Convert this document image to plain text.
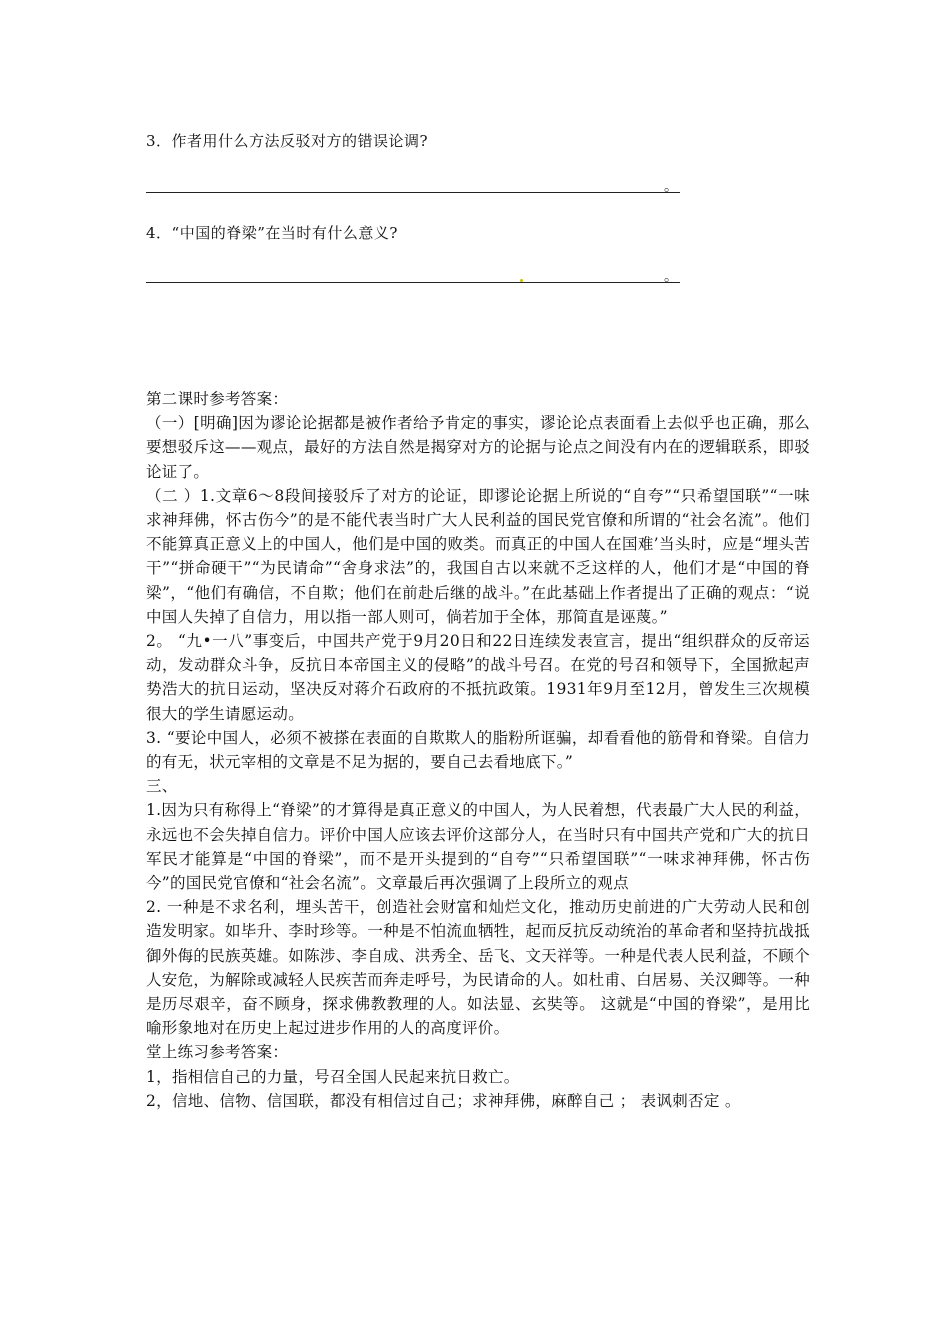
3．作者用什么方法反驳对方的错误论调?
。
4．“中国的脊梁”在当时有什么意义?
。

第二课时参考答案：

（一）[明确]因为谬论论据都是被作者给予肯定的事实，谬论论点表面看上去似乎也正确，那么要想驳斥这——观点，最好的方法自然是揭穿对方的论据与论点之间没有内在的逻辑联系，即驳论证了。

（二 ）1.文章6～8段间接驳斥了对方的论证，即谬论论据上所说的“自夸”“只希望国联”“一味求神拜佛，怀古伤今”的是不能代表当时广大人民利益的国民党官僚和所谓的“社会名流”。他们不能算真正意义上的中国人，他们是中国的败类。而真正的中国人在国难’当头时，应是“埋头苦干”“拼命硬干”“为民请命”“舍身求法”的，我国自古以来就不乏这样的人，他们才是“中国的脊梁”，“他们有确信，不自欺；他们在前赴后继的战斗。”在此基础上作者提出了正确的观点：“说中国人失掉了自信力，用以指一部人则可，倘若加于全体，那简直是诬蔑。”

2。 “九•一八”事变后，中国共产党于9月20日和22日连续发表宣言，提出“组织群众的反帝运动，发动群众斗争，反抗日本帝国主义的侵略”的战斗号召。在党的号召和领导下，全国掀起声势浩大的抗日运动，坚决反对蒋介石政府的不抵抗政策。1931年9月至12月，曾发生三次规模很大的学生请愿运动。

3. “要论中国人，必须不被搽在表面的自欺欺人的脂粉所诓骗，却看看他的筋骨和脊梁。自信力的有无，状元宰相的文章是不足为据的，要自己去看地底下。”

三、

1.因为只有称得上“脊梁”的才算得是真正意义的中国人，为人民着想，代表最广大人民的利益，永远也不会失掉自信力。评价中国人应该去评价这部分人，在当时只有中国共产党和广大的抗日军民才能算是“中国的脊梁”，而不是开头提到的“自夸”“只希望国联”“一味求神拜佛，怀古伤今”的国民党官僚和“社会名流”。文章最后再次强调了上段所立的观点

2. 一种是不求名利，埋头苦干，创造社会财富和灿烂文化，推动历史前进的广大劳动人民和创造发明家。如毕升、李时珍等。一种是不怕流血牺牲，起而反抗反动统治的革命者和坚持抗战抵御外侮的民族英雄。如陈涉、李自成、洪秀全、岳飞、文天祥等。一种是代表人民利益，不顾个人安危，为解除或减轻人民疾苦而奔走呼号，为民请命的人。如杜甫、白居易、关汉卿等。一种是历尽艰辛，奋不顾身，探求佛教教理的人。如法显、玄奘等。 这就是“中国的脊梁”，是用比喻形象地对在历史上起过进步作用的人的高度评价。

堂上练习参考答案：

1，指相信自己的力量，号召全国人民起来抗日救亡。

2，信地、信物、信国联，都没有相信过自己；求神拜佛，麻醉自己 ； 表讽刺否定 。
